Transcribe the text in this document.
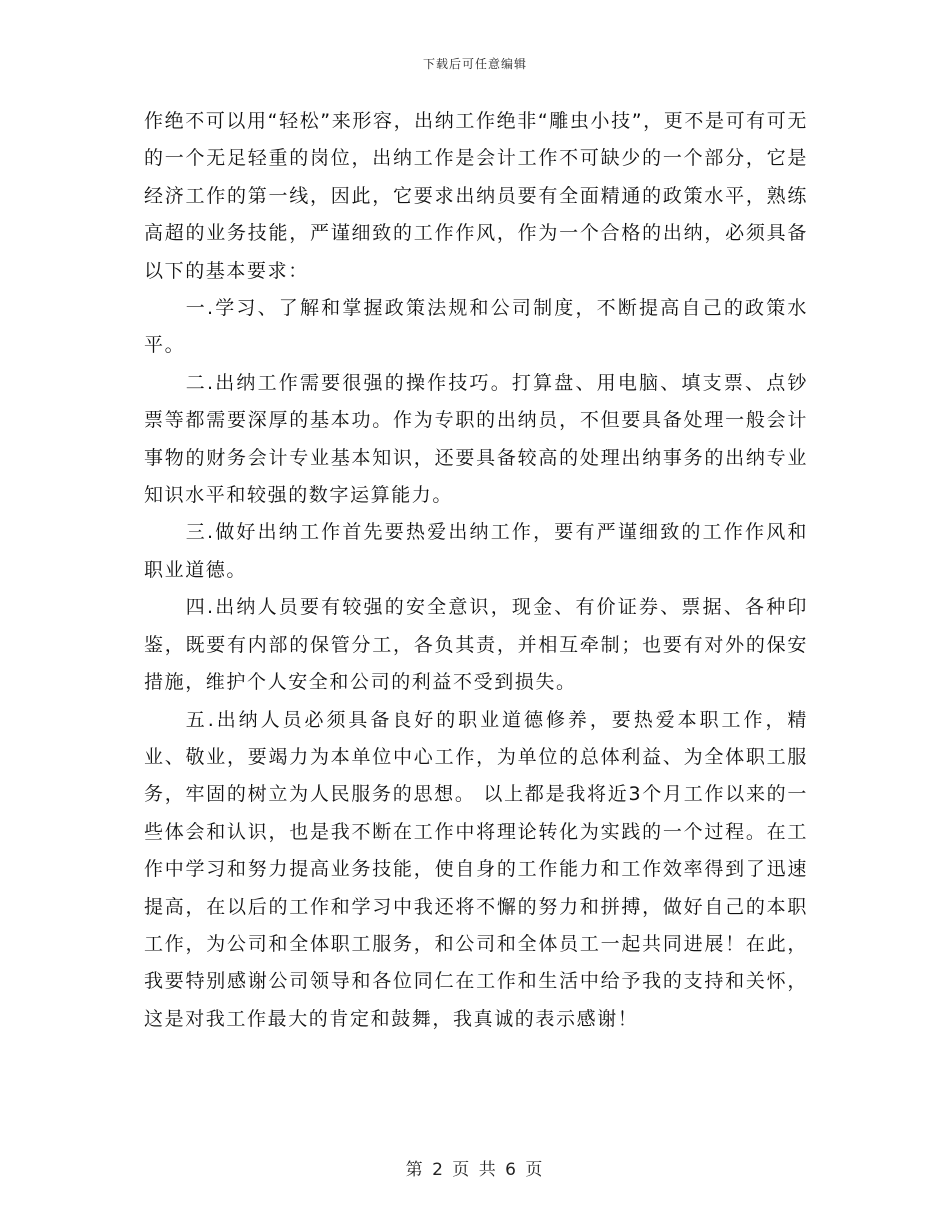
下载后可任意编辑

作绝不可以用“轻松”来形容，出纳工作绝非“雕虫小技”，更不是可有可无的一个无足轻重的岗位，出纳工作是会计工作不可缺少的一个部分，它是经济工作的第一线，因此，它要求出纳员要有全面精通的政策水平，熟练高超的业务技能，严谨细致的工作作风，作为一个合格的出纳，必须具备以下的基本要求：

一.学习、了解和掌握政策法规和公司制度，不断提高自己的政策水平。

二.出纳工作需要很强的操作技巧。打算盘、用电脑、填支票、点钞票等都需要深厚的基本功。作为专职的出纳员，不但要具备处理一般会计事物的财务会计专业基本知识，还要具备较高的处理出纳事务的出纳专业知识水平和较强的数字运算能力。

三.做好出纳工作首先要热爱出纳工作，要有严谨细致的工作作风和职业道德。

四.出纳人员要有较强的安全意识，现金、有价证券、票据、各种印鉴，既要有内部的保管分工，各负其责，并相互牵制；也要有对外的保安措施，维护个人安全和公司的利益不受到损失。

五.出纳人员必须具备良好的职业道德修养，要热爱本职工作，精业、敬业，要竭力为本单位中心工作，为单位的总体利益、为全体职工服务，牢固的树立为人民服务的思想。 以上都是我将近3个月工作以来的一些体会和认识，也是我不断在工作中将理论转化为实践的一个过程。在工作中学习和努力提高业务技能，使自身的工作能力和工作效率得到了迅速提高，在以后的工作和学习中我还将不懈的努力和拼搏，做好自己的本职工作，为公司和全体职工服务，和公司和全体员工一起共同进展！在此，我要特别感谢公司领导和各位同仁在工作和生活中给予我的支持和关怀，这是对我工作最大的肯定和鼓舞，我真诚的表示感谢！

第 2 页 共 6 页
